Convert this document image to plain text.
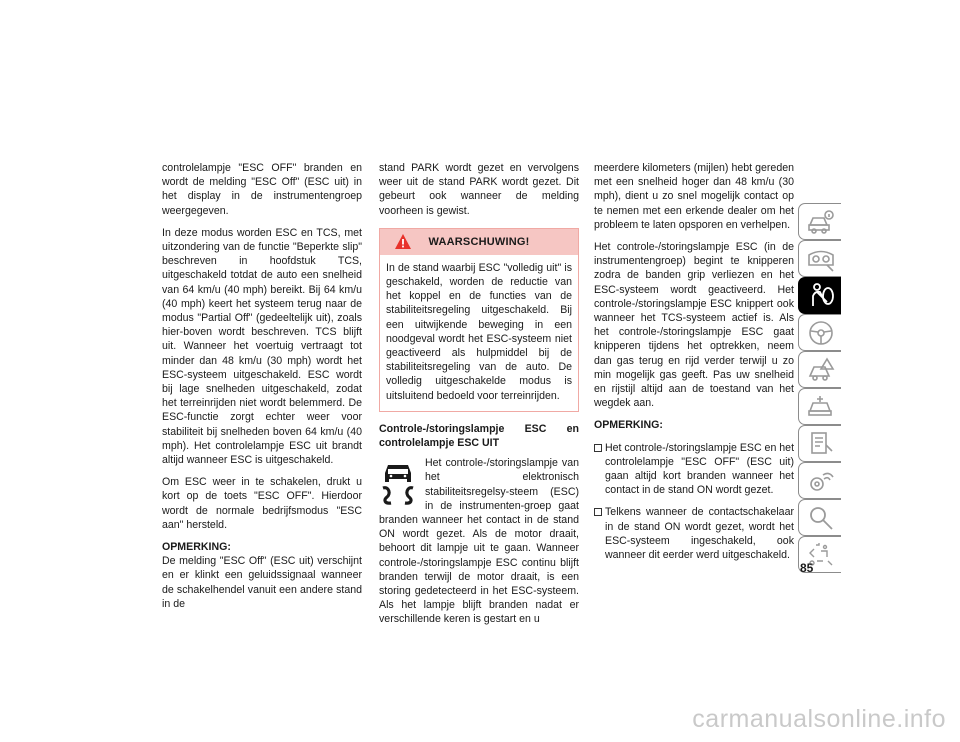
controlelampje "ESC OFF" branden en wordt de melding "ESC Off" (ESC uit) in het display in de instrumentengroep weergegeven.

In deze modus worden ESC en TCS, met uitzondering van de functie "Beperkte slip" beschreven in hoofdstuk TCS, uitgeschakeld totdat de auto een snelheid van 64 km/u (40 mph) bereikt. Bij 64 km/u (40 mph) keert het systeem terug naar de modus "Partial Off" (gedeeltelijk uit), zoals hier-boven wordt beschreven. TCS blijft uit. Wanneer het voertuig vertraagt tot minder dan 48 km/u (30 mph) wordt het ESC-systeem uitgeschakeld. ESC wordt bij lage snelheden uitgeschakeld, zodat het terreinrijden niet wordt belemmerd. De ESC-functie zorgt echter weer voor stabiliteit bij snelheden boven 64 km/u (40 mph). Het controlelampje ESC uit brandt altijd wanneer ESC is uitgeschakeld.

Om ESC weer in te schakelen, drukt u kort op de toets "ESC OFF". Hierdoor wordt de normale bedrijfsmodus "ESC aan" hersteld.

OPMERKING:
De melding "ESC Off" (ESC uit) verschijnt en er klinkt een geluidssignaal wanneer de schakelhendel vanuit een andere stand in de

stand PARK wordt gezet en vervolgens weer uit de stand PARK wordt gezet. Dit gebeurt ook wanneer de melding voorheen is gewist.

WAARSCHUWING!
In de stand waarbij ESC "volledig uit" is geschakeld, worden de reductie van het koppel en de functies van de stabiliteitsregeling uitgeschakeld. Bij een uitwijkende beweging in een noodgeval wordt het ESC-systeem niet geactiveerd als hulpmiddel bij de stabiliteitsregeling van de auto. De volledig uitgeschakelde modus is uitsluitend bedoeld voor terreinrijden.
Controle-/storingslampje ESC en controlelampje ESC UIT
Het controle-/storingslampje van het elektronisch stabiliteitsregelsy-steem (ESC) in de instrumenten-groep gaat branden wanneer het contact in de stand ON wordt gezet. Als de motor draait, behoort dit lampje uit te gaan. Wanneer controle-/storingslampje ESC continu blijft branden terwijl de motor draait, is een storing gedetecteerd in het ESC-systeem. Als het lampje blijft branden nadat er verschillende keren is gestart en u

meerdere kilometers (mijlen) hebt gereden met een snelheid hoger dan 48 km/u (30 mph), dient u zo snel mogelijk contact op te nemen met een erkende dealer om het probleem te laten opsporen en verhelpen.

Het controle-/storingslampje ESC (in de instrumentengroep) begint te knipperen zodra de banden grip verliezen en het ESC-systeem wordt geactiveerd. Het controle-/storingslampje ESC knippert ook wanneer het TCS-systeem actief is. Als het controle-/storingslampje ESC gaat knipperen tijdens het optrekken, neem dan gas terug en rijd verder terwijl u zo min mogelijk gas geeft. Pas uw snelheid en rijstijl altijd aan de toestand van het wegdek aan.

OPMERKING:

Het controle-/storingslampje ESC en het controlelampje "ESC OFF" (ESC uit) gaan altijd kort branden wanneer het contact in de stand ON wordt gezet.
Telkens wanneer de contactschakelaar in de stand ON wordt gezet, wordt het ESC-systeem ingeschakeld, ook wanneer dit eerder werd uitgeschakeld.
85
carmanualsonline.info
